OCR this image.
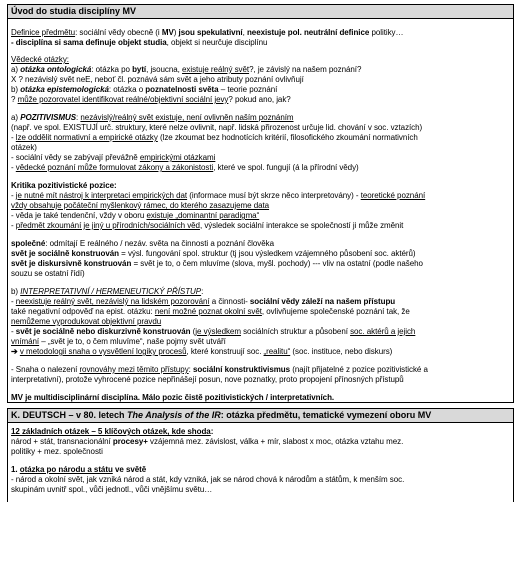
Úvod do studia disciplíny MV
K. DEUTSCH – v 80. letech The Analysis of the IR: otázka předmětu, tematické vymezení oboru MV
Definice předmětu: sociální vědy obecně (i MV) jsou spekulativní, neexistuje pol. neutrální definice politiky…
- disciplína si sama definuje objekt studia, objekt si neurčuje disciplínu
Vědecké otázky:
a) otázka ontologická: otázka po bytí, jsoucna, existuje reálný svět?, je závislý na našem poznání?
X ? nezávislý svět neE, neboť čl. poznává sám svět a jeho atributy poznání ovlivňují
b) otázka epistemologická: otázka o poznatelnosti světa – teorie poznání
? může pozorovatel identifikovat reálné/objektivní sociální jevy? pokud ano, jak?
a) POZITIVISMUS: nezávislý/reálný svět existuje, není ovlivněn naším poznáním
(např. ve spol. EXISTUJÍ urč. struktury, které nelze ovlivnit, např. lidská přirozenost určuje lid. chování v soc. vztazích)
- lze oddělit normativní a empirické otázky (lze zkoumat bez hodnotících kritérií, filosofického zkoumání normativních
otázek)
- sociální vědy se zabývají převážně empirickými otázkami
- vědecké poznání může formulovat zákony a zákonistosti, které ve spol. fungují (á la přírodní vědy)
Kritika pozitivistické pozice:
- je nutné mít nástroj k interpretaci empirických dat (informace musí být skrze něco interpretovány) - teoretické poznání
vždy obsahuje počáteční myšlenkový rámec, do kterého zasazujeme data
- věda je také tendenční, vždy v oboru existuje „dominantní paradigma“
- předmět zkoumání je jiný u přírodních/sociálních věd, výsledek sociální interakce se společností ji může změnit
společné: odmítají E reálného / nezáv. světa na činnosti a poznání člověka
svět je sociálně konstruován = výsl. fungování spol. struktur (tj jsou výsledkem vzájemného působení soc. aktérů)
svět je diskursivně konstruován = svět je to, o čem mluvíme (slova, myšl. pochody) --- vliv na ostatní (podle našeho
souzu se ostatní řídí)
b) INTERPRETATIVNÍ / HERMENEUTICKÝ PŘÍSTUP:
- neexistuje reálný svět, nezávislý na lidském pozorování a činnosti- sociální vědy záleží na našem přístupu
také negativní odpověď na epist. otázku: není možné poznat okolní svět, ovlivňujeme společenské poznání tak, že
nemůžeme vyprodukovat objektivní pravdu
- svět je sociálně nebo diskurzivně konstruován (je výsledkem sociálních struktur a působení soc. aktérů a jejich
vnímání – „svět je to, o čem mluvíme“, naše pojmy svět utváří
➔ v metodologii snaha o vysvětlení logiky procesů, které konstruují soc. „realitu“ (soc. instituce, nebo diskurs)
- Snaha o nalezení rovnováhy mezi těmito přístupy: sociální konstruktivismus (najít přijatelné z pozice pozitivistické a
interpretativní), protože vyhrocené pozice nepřinášejí posun, nove poznatky, proto propojení přínosných přístupů
MV je multidisciplinární disciplína. Málo pozic čistě pozitivistických / interpretativních.
12 základních otázek – 5 klíčových otázek, kde shoda:
národ + stát, transnacionální procesy+ vzájemná mez. závislost, válka + mír, slabost x moc, otázka vztahu mez.
politiky + mez. společnosti
1. otázka po národu a státu ve světě
- národ a okolní svět, jak vzniká národ a stát, kdy vzniká, jak se národ chová k národům a státům, k menším soc.
skupinám uvnitř spol., vůči jednotl., vůči vnějšímu světu…
